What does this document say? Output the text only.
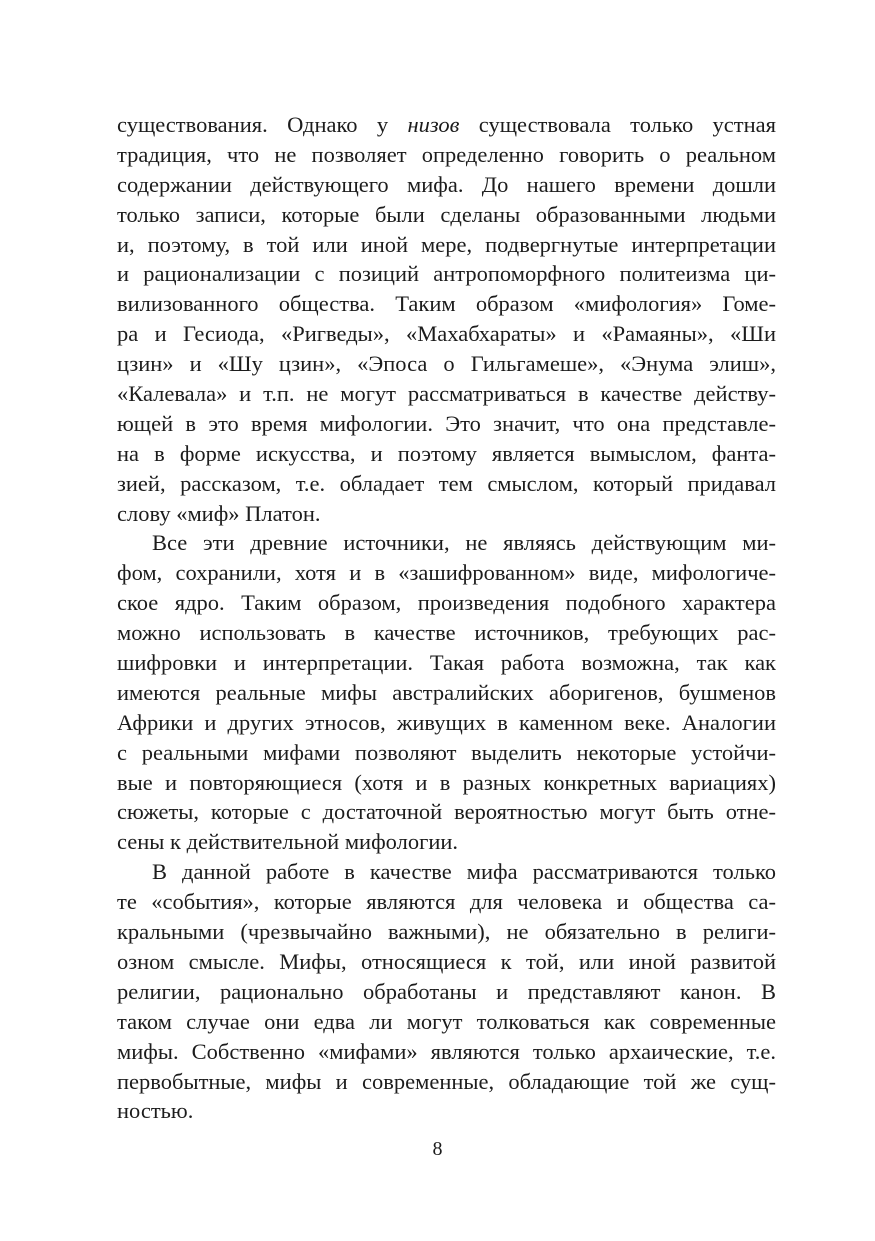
существования. Однако у низов существовала только устная
традиция, что не позволяет определенно говорить о реальном
содержании действующего мифа. До нашего времени дошли
только записи, которые были сделаны образованными людьми
и, поэтому, в той или иной мере, подвергнутые интерпретации
и рационализации с позиций антропоморфного политеизма ци-
вилизованного общества. Таким образом «мифология» Гоме-
ра и Гесиода, «Ригведы», «Махабхараты» и «Рамаяны», «Ши
цзин» и «Шу цзин», «Эпоса о Гильгамеше», «Энума элиш»,
«Калевала» и т.п. не могут рассматриваться в качестве действу-
ющей в это время мифологии. Это значит, что она представле-
на в форме искусства, и поэтому является вымыслом, фанта-
зией, рассказом, т.е. обладает тем смыслом, который придавал
слову «миф» Платон.
Все эти древние источники, не являясь действующим ми-
фом, сохранили, хотя и в «зашифрованном» виде, мифологиче-
ское ядро. Таким образом, произведения подобного характера
можно использовать в качестве источников, требующих рас-
шифровки и интерпретации. Такая работа возможна, так как
имеются реальные мифы австралийских аборигенов, бушменов
Африки и других этносов, живущих в каменном веке. Аналогии
с реальными мифами позволяют выделить некоторые устойчи-
вые и повторяющиеся (хотя и в разных конкретных вариациях)
сюжеты, которые с достаточной вероятностью могут быть отне-
сены к действительной мифологии.
В данной работе в качестве мифа рассматриваются только
те «события», которые являются для человека и общества са-
кральными (чрезвычайно важными), не обязательно в религи-
озном смысле. Мифы, относящиеся к той, или иной развитой
религии, рационально обработаны и представляют канон. В
таком случае они едва ли могут толковаться как современные
мифы. Собственно «мифами» являются только архаические, т.е.
первобытные, мифы и современные, обладающие той же сущ-
ностью.
8
